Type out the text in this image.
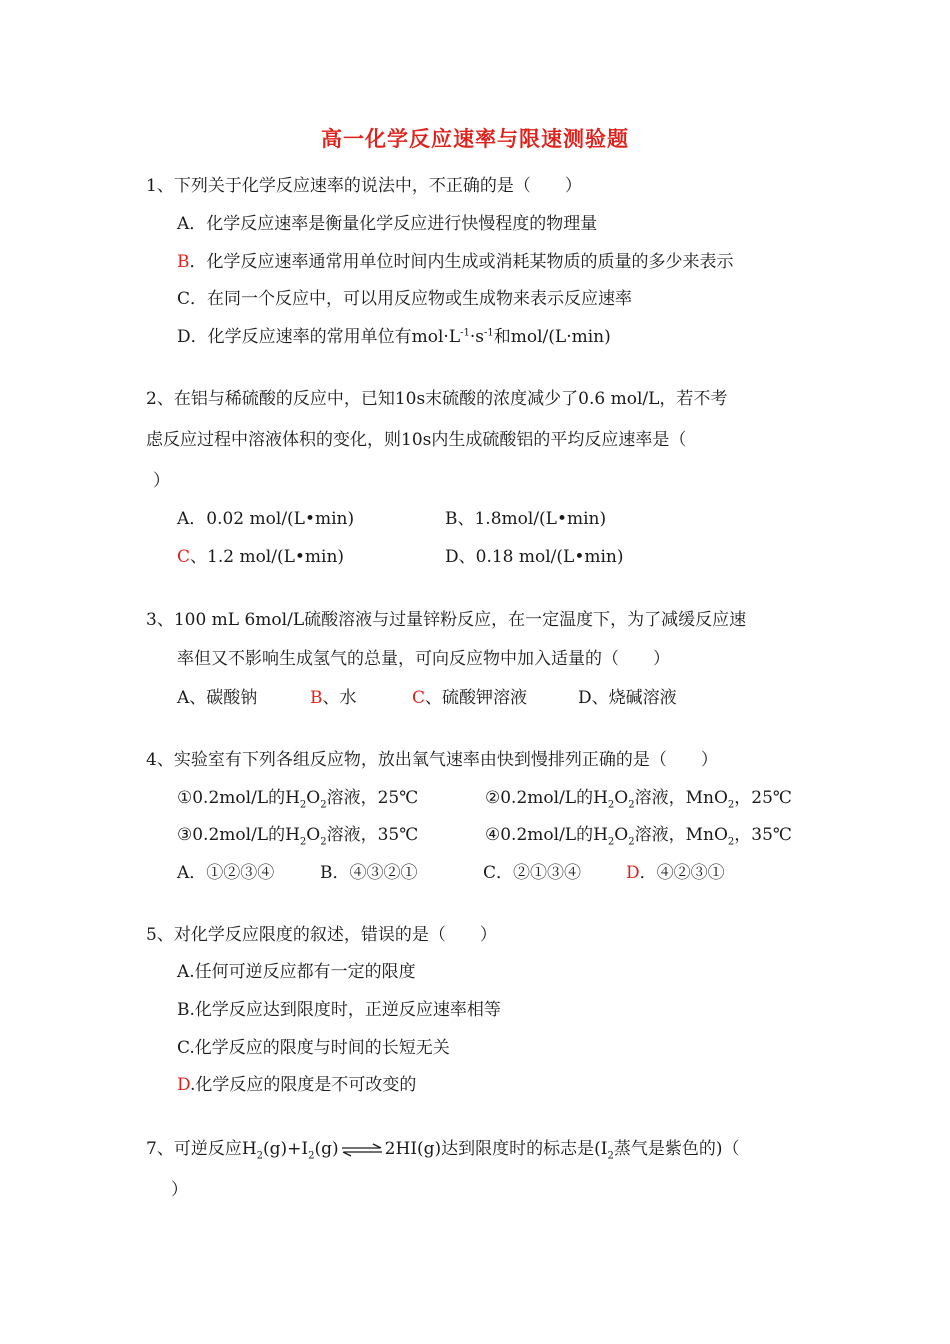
高一化学反应速率与限速测验题
1、下列关于化学反应速率的说法中，不正确的是（　　）
A．化学反应速率是衡量化学反应进行快慢程度的物理量
B．化学反应速率通常用单位时间内生成或消耗某物质的质量的多少来表示
C．在同一个反应中，可以用反应物或生成物来表示反应速率
D．化学反应速率的常用单位有$mol\cdot L^{-1}\cdot s^{-1}$和mol/(L·min)
2、在铝与稀硫酸的反应中，已知10s末硫酸的浓度减少了0.6 mol/L，若不考
虑反应过程中溶液体积的变化，则10s内生成硫酸铝的平均反应速率是（
）
A．0.02 mol/(L•min)	B、1.8mol/(L•min)
C、1.2 mol/(L•min)	D、0.18 mol/(L•min)
3、100 mL 6mol/L硫酸溶液与过量锌粉反应，在一定温度下，为了减缓反应速
率但又不影响生成氢气的总量，可向反应物中加入适量的（　　）
A、碳酸钠	B、水	C、硫酸钾溶液	D、烧碱溶液
4、实验室有下列各组反应物，放出氧气速率由快到慢排列正确的是（　　）
①0.2mol/L的$H_2O_2$溶液，25℃	②0.2mol/L的$H_2O_2$溶液，MnO$_2$，25℃
③0.2mol/L的$H_2O_2$溶液，35℃	④0.2mol/L的$H_2O_2$溶液，MnO$_2$，35℃
A．①②③④	B．④③②①	C．②①③④	D．④②③①
5、对化学反应限度的叙述，错误的是（　　）
A.任何可逆反应都有一定的限度
B.化学反应达到限度时，正逆反应速率相等
C.化学反应的限度与时间的长短无关
D.化学反应的限度是不可改变的
7、可逆反应$H_2(g)+I_2(g)\rightleftharpoons 2HI(g)$达到限度时的标志是($I_2$蒸气是紫色的)（
）
